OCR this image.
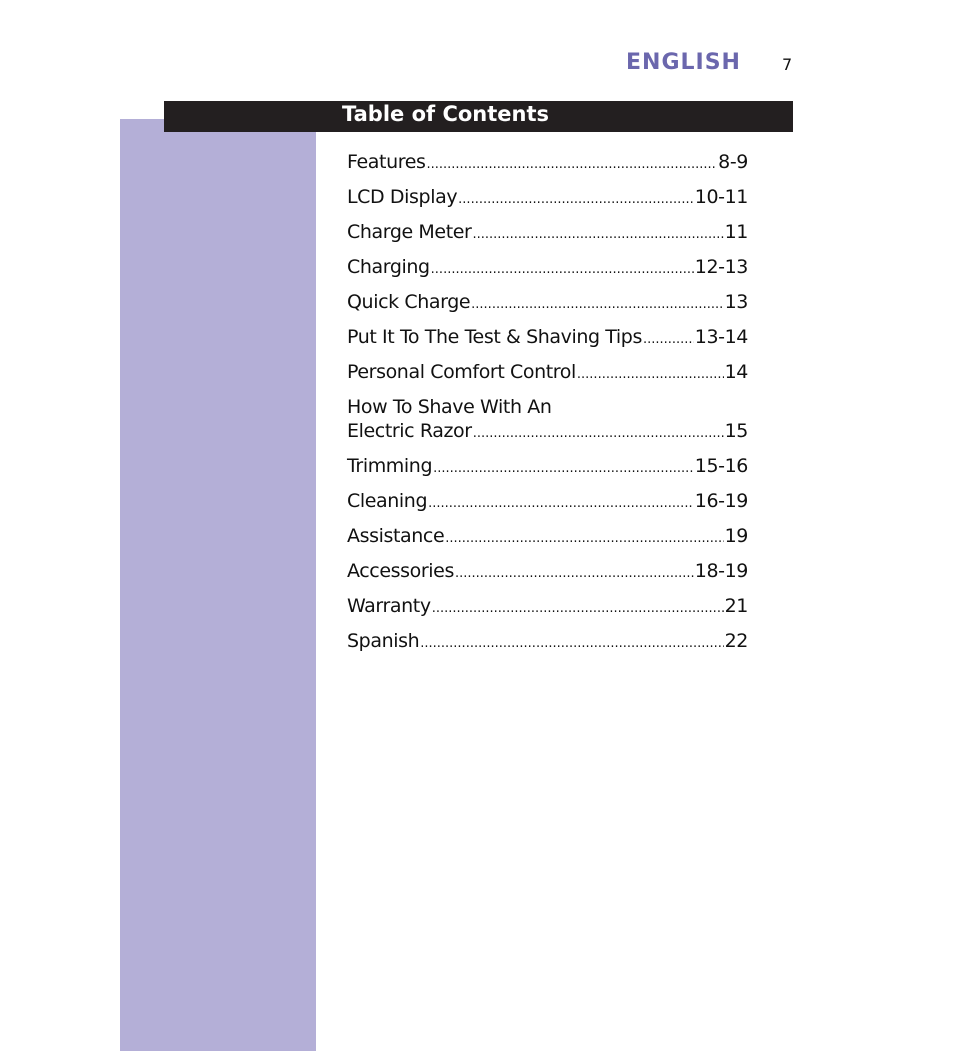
ENGLISH	7
Table of Contents
Features .....	8-9
LCD Display .....	10-11
Charge Meter .....	11
Charging .....	12-13
Quick Charge .....	13
Put It To The Test & Shaving Tips .....	13-14
Personal Comfort Control .....	14
How To Shave With An
Electric Razor .....	15
Trimming .....	15-16
Cleaning .....	16-19
Assistance .....	19
Accessories .....	18-19
Warranty .....	21
Spanish .....	22
